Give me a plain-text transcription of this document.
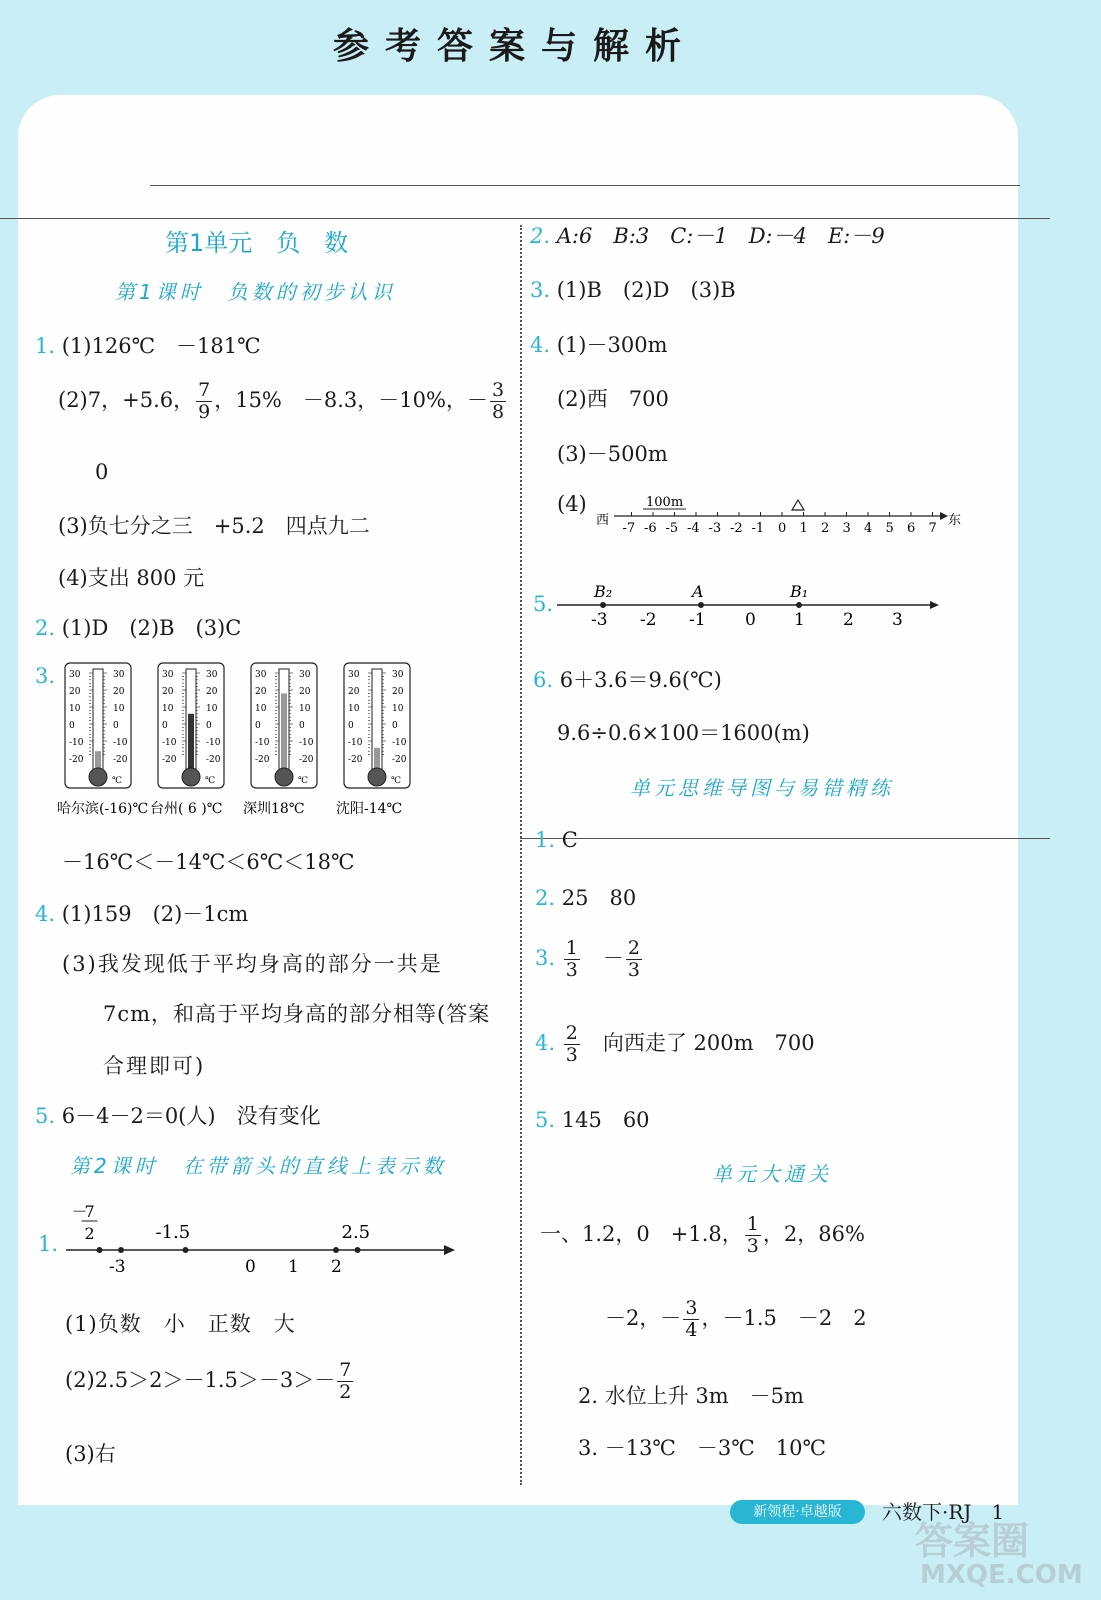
参考答案与解析
第1单元　负　数
第1课时　负数的初步认识
1. (1)126℃　－181℃
(2)7，+5.6， $\frac{7}{9}$ ，15%　－8.3，－10%，－ $\frac{3}{8}$
0
(3)负七分之三　+5.2　四点九二
(4)支出 800 元
2. (1)D　(2)B　(3)C
3. 30	30
20	20
10	10
0	0
-10	-10
-20	-20
℃
哈尔滨(-16)℃
30	30
20	20
10	10
0	0
-10	-10
-20	-20
℃
台州( 6 )℃
30	30
20	20
10	10
0	0
-10	-10
-20	-20
℃
深圳18℃
30	30
20	20
10	10
0	0
-10	-10
-20	-20
℃
沈阳-14℃
－16℃＜－14℃＜6℃＜18℃
4. (1)159　(2)－1cm
(3)我发现低于平均身高的部分一共是
7cm，和高于平均身高的部分相等(答案
合理即可)
5. 6－4－2＝0(人)　没有变化
第2课时　在带箭头的直线上表示数
1.
－
7
2	-1.5	2.5
-3	0 1 2
(1)负数　小　正数　大
$(2)2.5>2>-1.5>-3>- \frac{7}{2}$
(3)右
2. A:6　B:3　C:－1　D:－4　E:－9
3. (1)B　(2)D　(3)B
4. (1)－300m
(2)西　700
(3)－500m
(4)
西	东
100m
-7 -6 -5 -4 -3 -2 -1 0 1 2 3 4 5 6 7
5.
-3 -2 -1 0 1 2 3
B₂	A	B₁
6. 6＋3.6＝9.6(℃)
9.6÷0.6×100＝1600(m)
单元思维导图与易错精练
1. C
2. 25　80
3. $\frac{1}{3}$ 　－ $\frac{2}{3}$
4. $\frac{2}{3}$
　 向西走了 200m　700
5. 145　60
单元大通关
一、1.2，0　+1.8， $\frac{1}{3}$ ，2，86%
－2，－ $\frac{3}{4}$ ，－1.5　－2　2
2. 水位上升 3m　－5m
3. －13℃　－3℃　10℃
新领程·卓越版	六数下·RJ　1
答案圈
MXQE.COM
